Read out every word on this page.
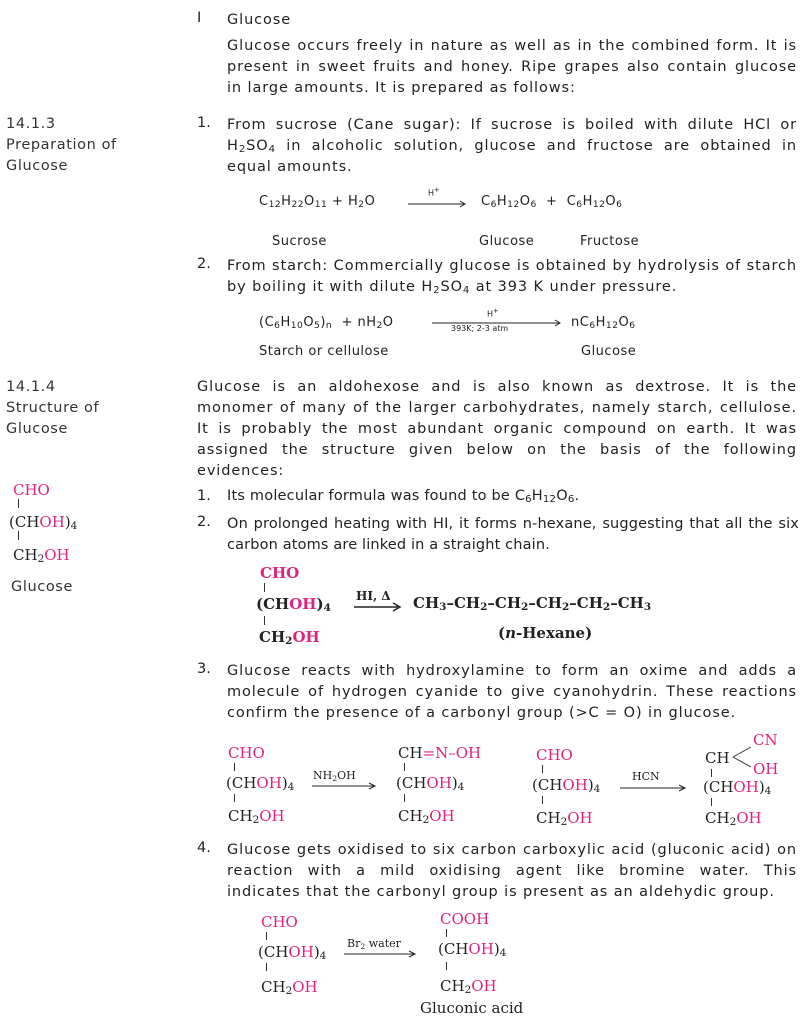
I Glucose
Glucose occurs freely in nature as well as in the combined form. It is present in sweet fruits and honey. Ripe grapes also contain glucose in large amounts. It is prepared as follows:
14.1.3
Preparation of
Glucose
1. From sucrose (Cane sugar): If sucrose is boiled with dilute HCl or $H_2SO_4$ in alcoholic solution, glucose and fructose are obtained in equal amounts.
$C_{12}H_{22}O_{11} + H_2O$
H+
$C_6H_{12}O_6 + C_6H_{12}O_6$
Sucrose	Glucose	Fructose
2. From starch: Commercially glucose is obtained by hydrolysis of starch by boiling it with dilute $H_2SO_4$ at 393 K under pressure.
$(C_6H_{10}O_5)_n + nH_2O$
H+
393K; 2-3 atm	$nC_6H_{12}O_6$
Starch or cellulose	Glucose
14.1.4
Structure of
Glucose
CHO
$(CHOH)_4$
$CH_2OH$
Glucose
Glucose is an aldohexose and is also known as dextrose. It is the monomer of many of the larger carbohydrates, namely starch, cellulose. It is probably the most abundant organic compound on earth. It was assigned the structure given below on the basis of the following evidences:
1. Its molecular formula was found to be $C_6H_{12}O_6$.
2. On prolonged heating with HI, it forms n-hexane, suggesting that all the six carbon atoms are linked in a straight chain.
CHO
$(CHOH)_4$
$CH_2OH$
HI, Δ $CH_3-CH_2-CH_2-CH_2-CH_2-CH_3$
(n-Hexane)
3. Glucose reacts with hydroxylamine to form an oxime and adds a molecule of hydrogen cyanide to give cyanohydrin. These reactions confirm the presence of a carbonyl group (>C = O) in glucose.
CHO
$(CHOH)_4$
$CH_2OH$
$NH_2OH$
CH=N–OH
$(CHOH)_4$
$CH_2OH$
CHO
$(CHOH)_4$
$CH_2OH$
HCN
CN
CH
OH
$(CHOH)_4$
$CH_2OH$
4. Glucose gets oxidised to six carbon carboxylic acid (gluconic acid) on reaction with a mild oxidising agent like bromine water. This indicates that the carbonyl group is present as an aldehydic group.
CHO
$(CHOH)_4$
$CH_2OH$
$Br_2$ water
COOH
$(CHOH)_4$
$CH_2OH$
Gluconic acid
